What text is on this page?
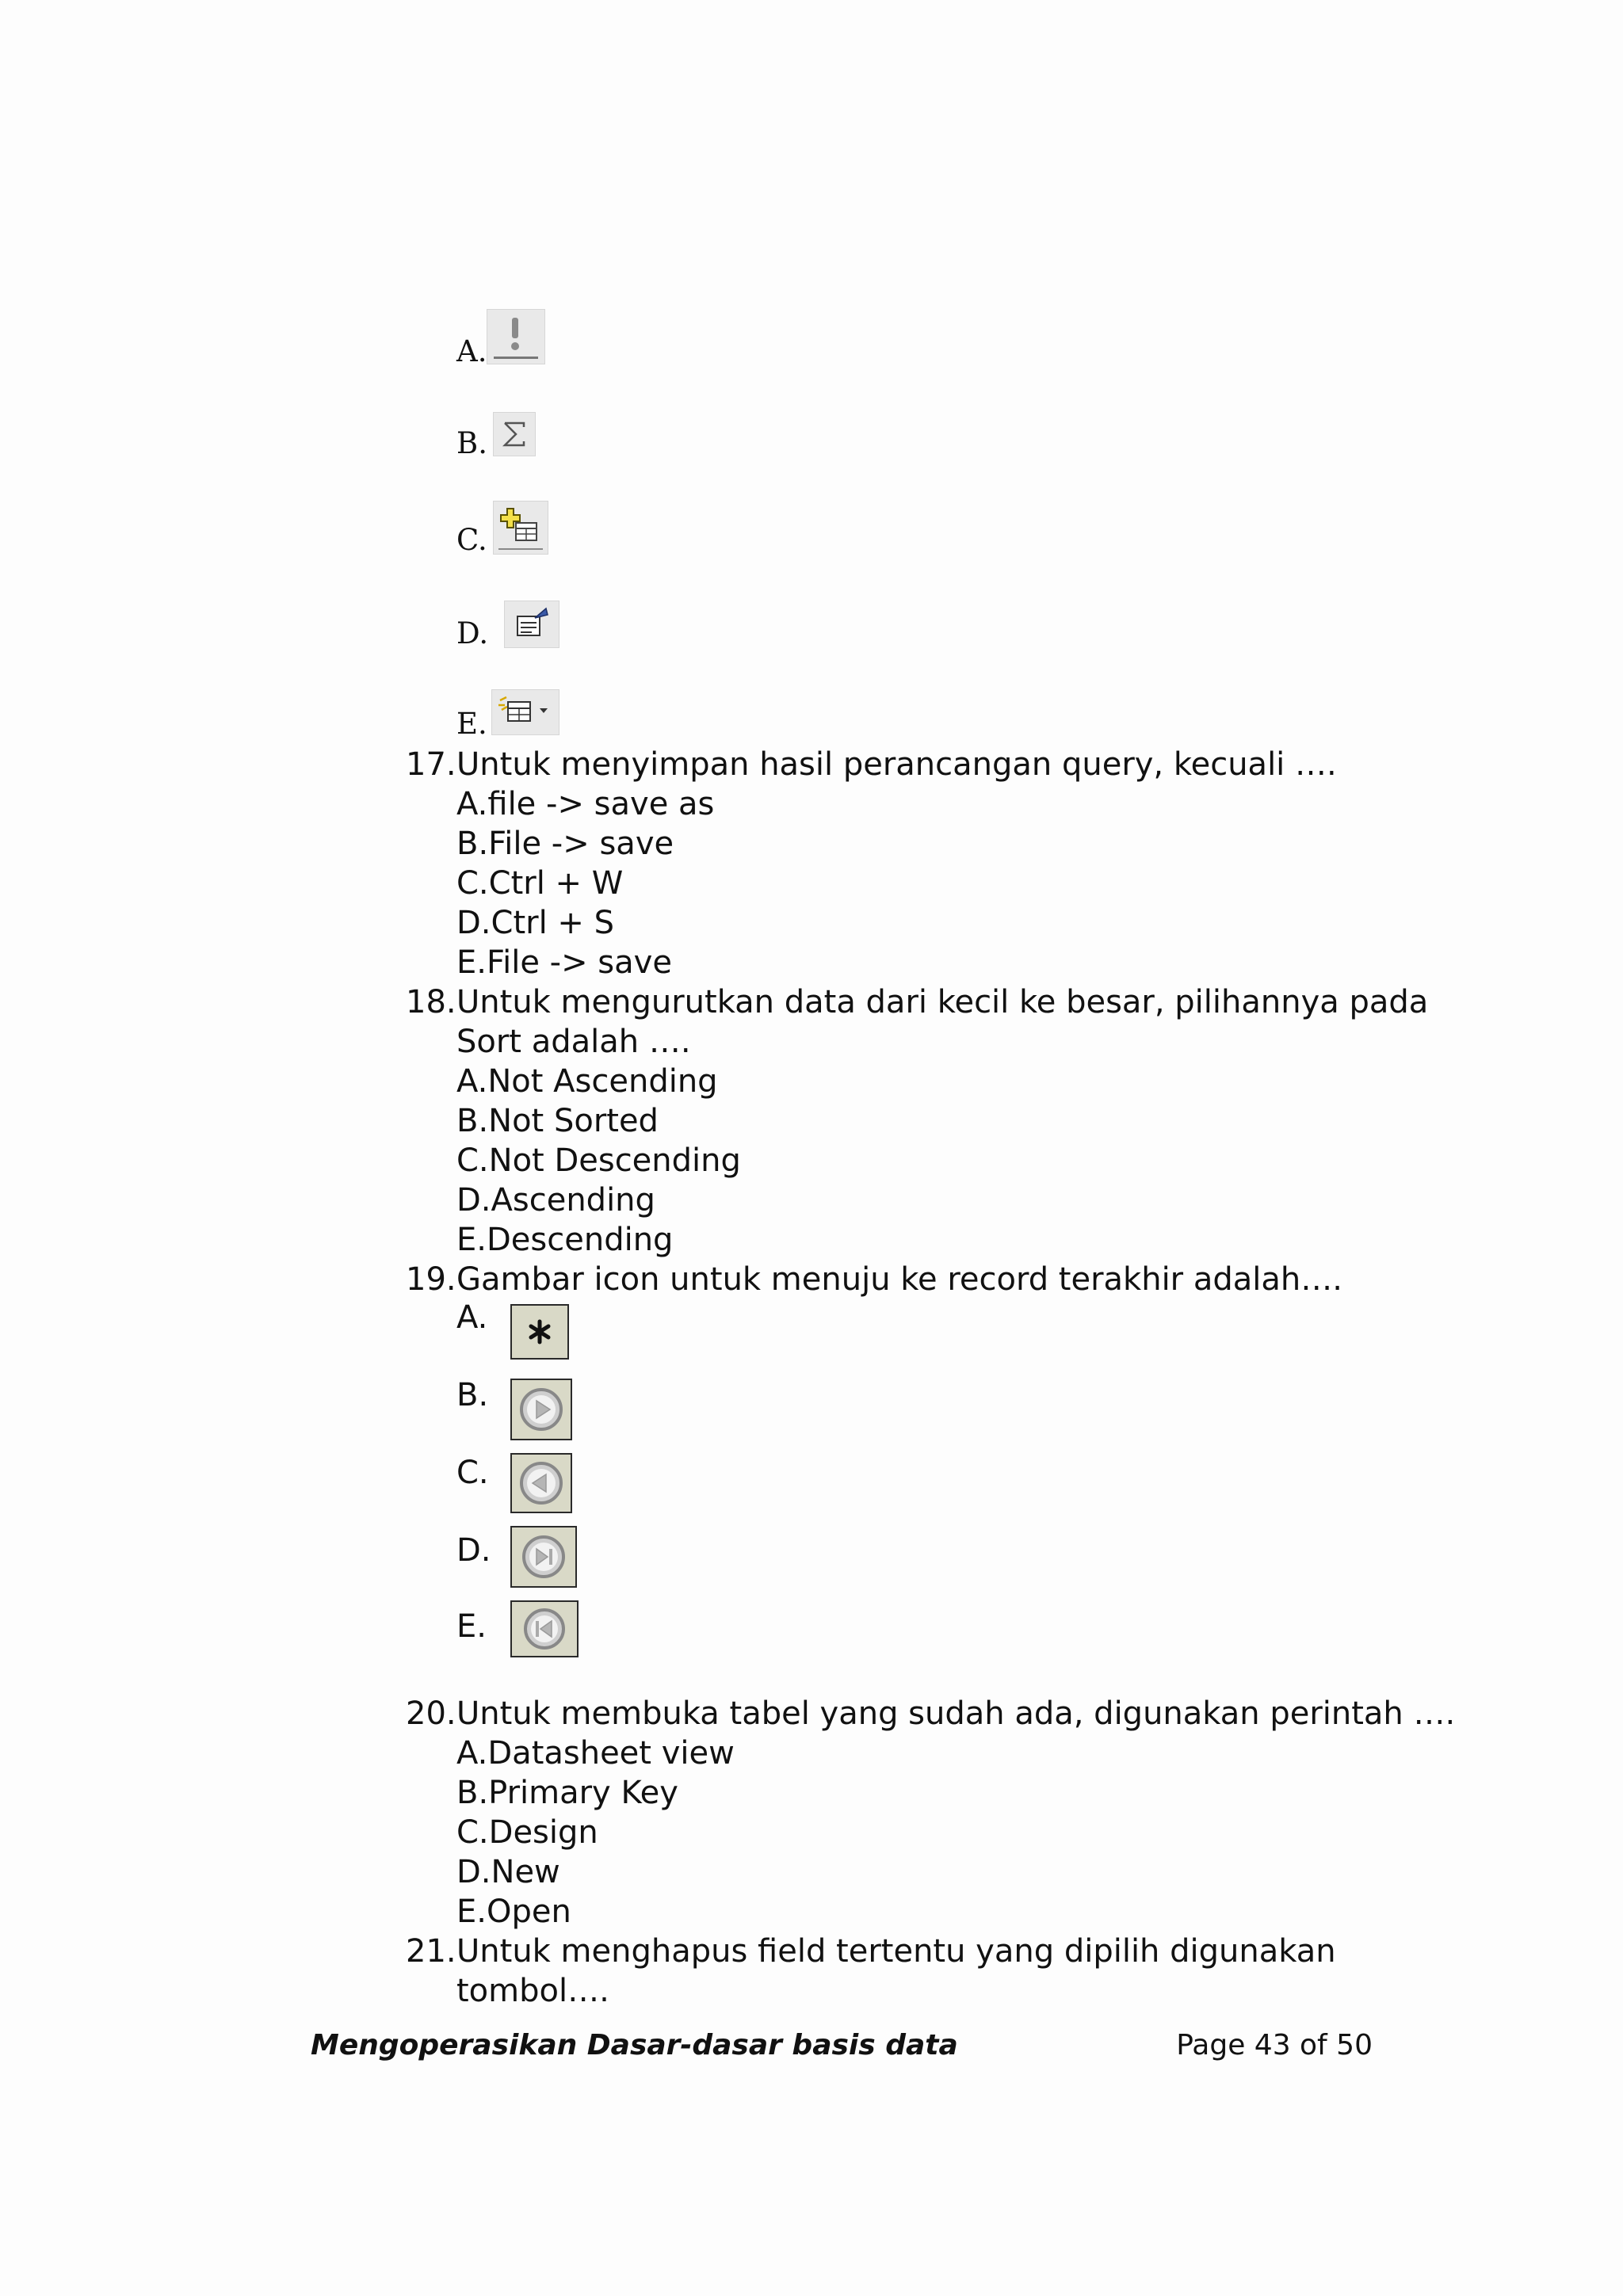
A.
B.
C.
D.
E.
17. Untuk menyimpan hasil perancangan query, kecuali ….
A.file -> save as
B.File -> save
C.Ctrl + W
D.Ctrl + S
E.File -> save
18. Untuk mengurutkan data dari kecil ke besar, pilihannya pada
Sort adalah ….
A.Not Ascending
B.Not Sorted
C.Not Descending
D.Ascending
E.Descending
19. Gambar icon untuk menuju ke record terakhir adalah….
A.
B.
C.
D.
E.
20. Untuk membuka tabel yang sudah ada, digunakan perintah ….
A.Datasheet view
B.Primary Key
C.Design
D.New
E.Open
21. Untuk menghapus field tertentu yang dipilih digunakan
tombol….
Mengoperasikan Dasar-dasar basis data	Page 43 of 50
